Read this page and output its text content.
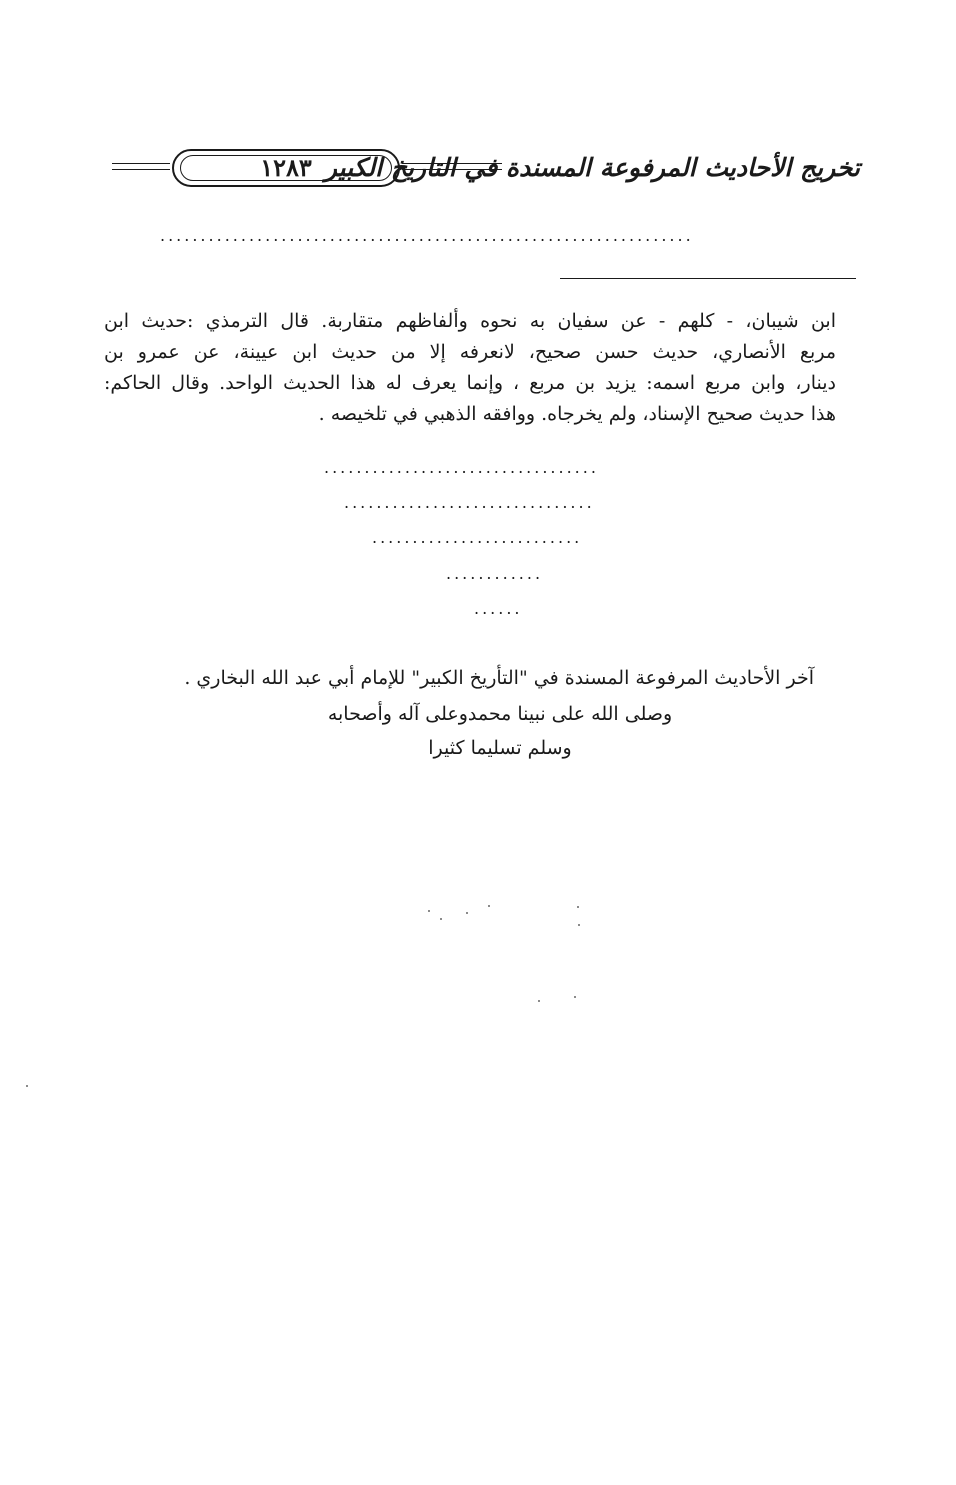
١٢٨٣ تخريج الأحاديث المرفوعة المسندة في التاريخ الكبير
..................................................................
ابن شيبان، - كلهم - عن سفيان به نحوه وألفاظهم متقاربة. قال الترمذي :حديث ابن
مربع الأنصاري، حديث حسن صحيح، لانعرفه إلا من حديث ابن عيينة، عن عمرو بن
دينار، وابن مربع اسمه: يزيد بن مربع ، وإنما يعرف له هذا الحديث الواحد. وقال الحاكم:
هذا حديث صحيح الإسناد، ولم يخرجاه. ووافقه الذهبي في تلخيصه .
..................................
...............................
..........................
............
......
آخر الأحاديث المرفوعة المسندة في "التأريخ الكبير" للإمام أبي عبد الله البخاري .
وصلى الله على نبينا محمدوعلى آله وأصحابه
وسلم تسليما كثيرا
